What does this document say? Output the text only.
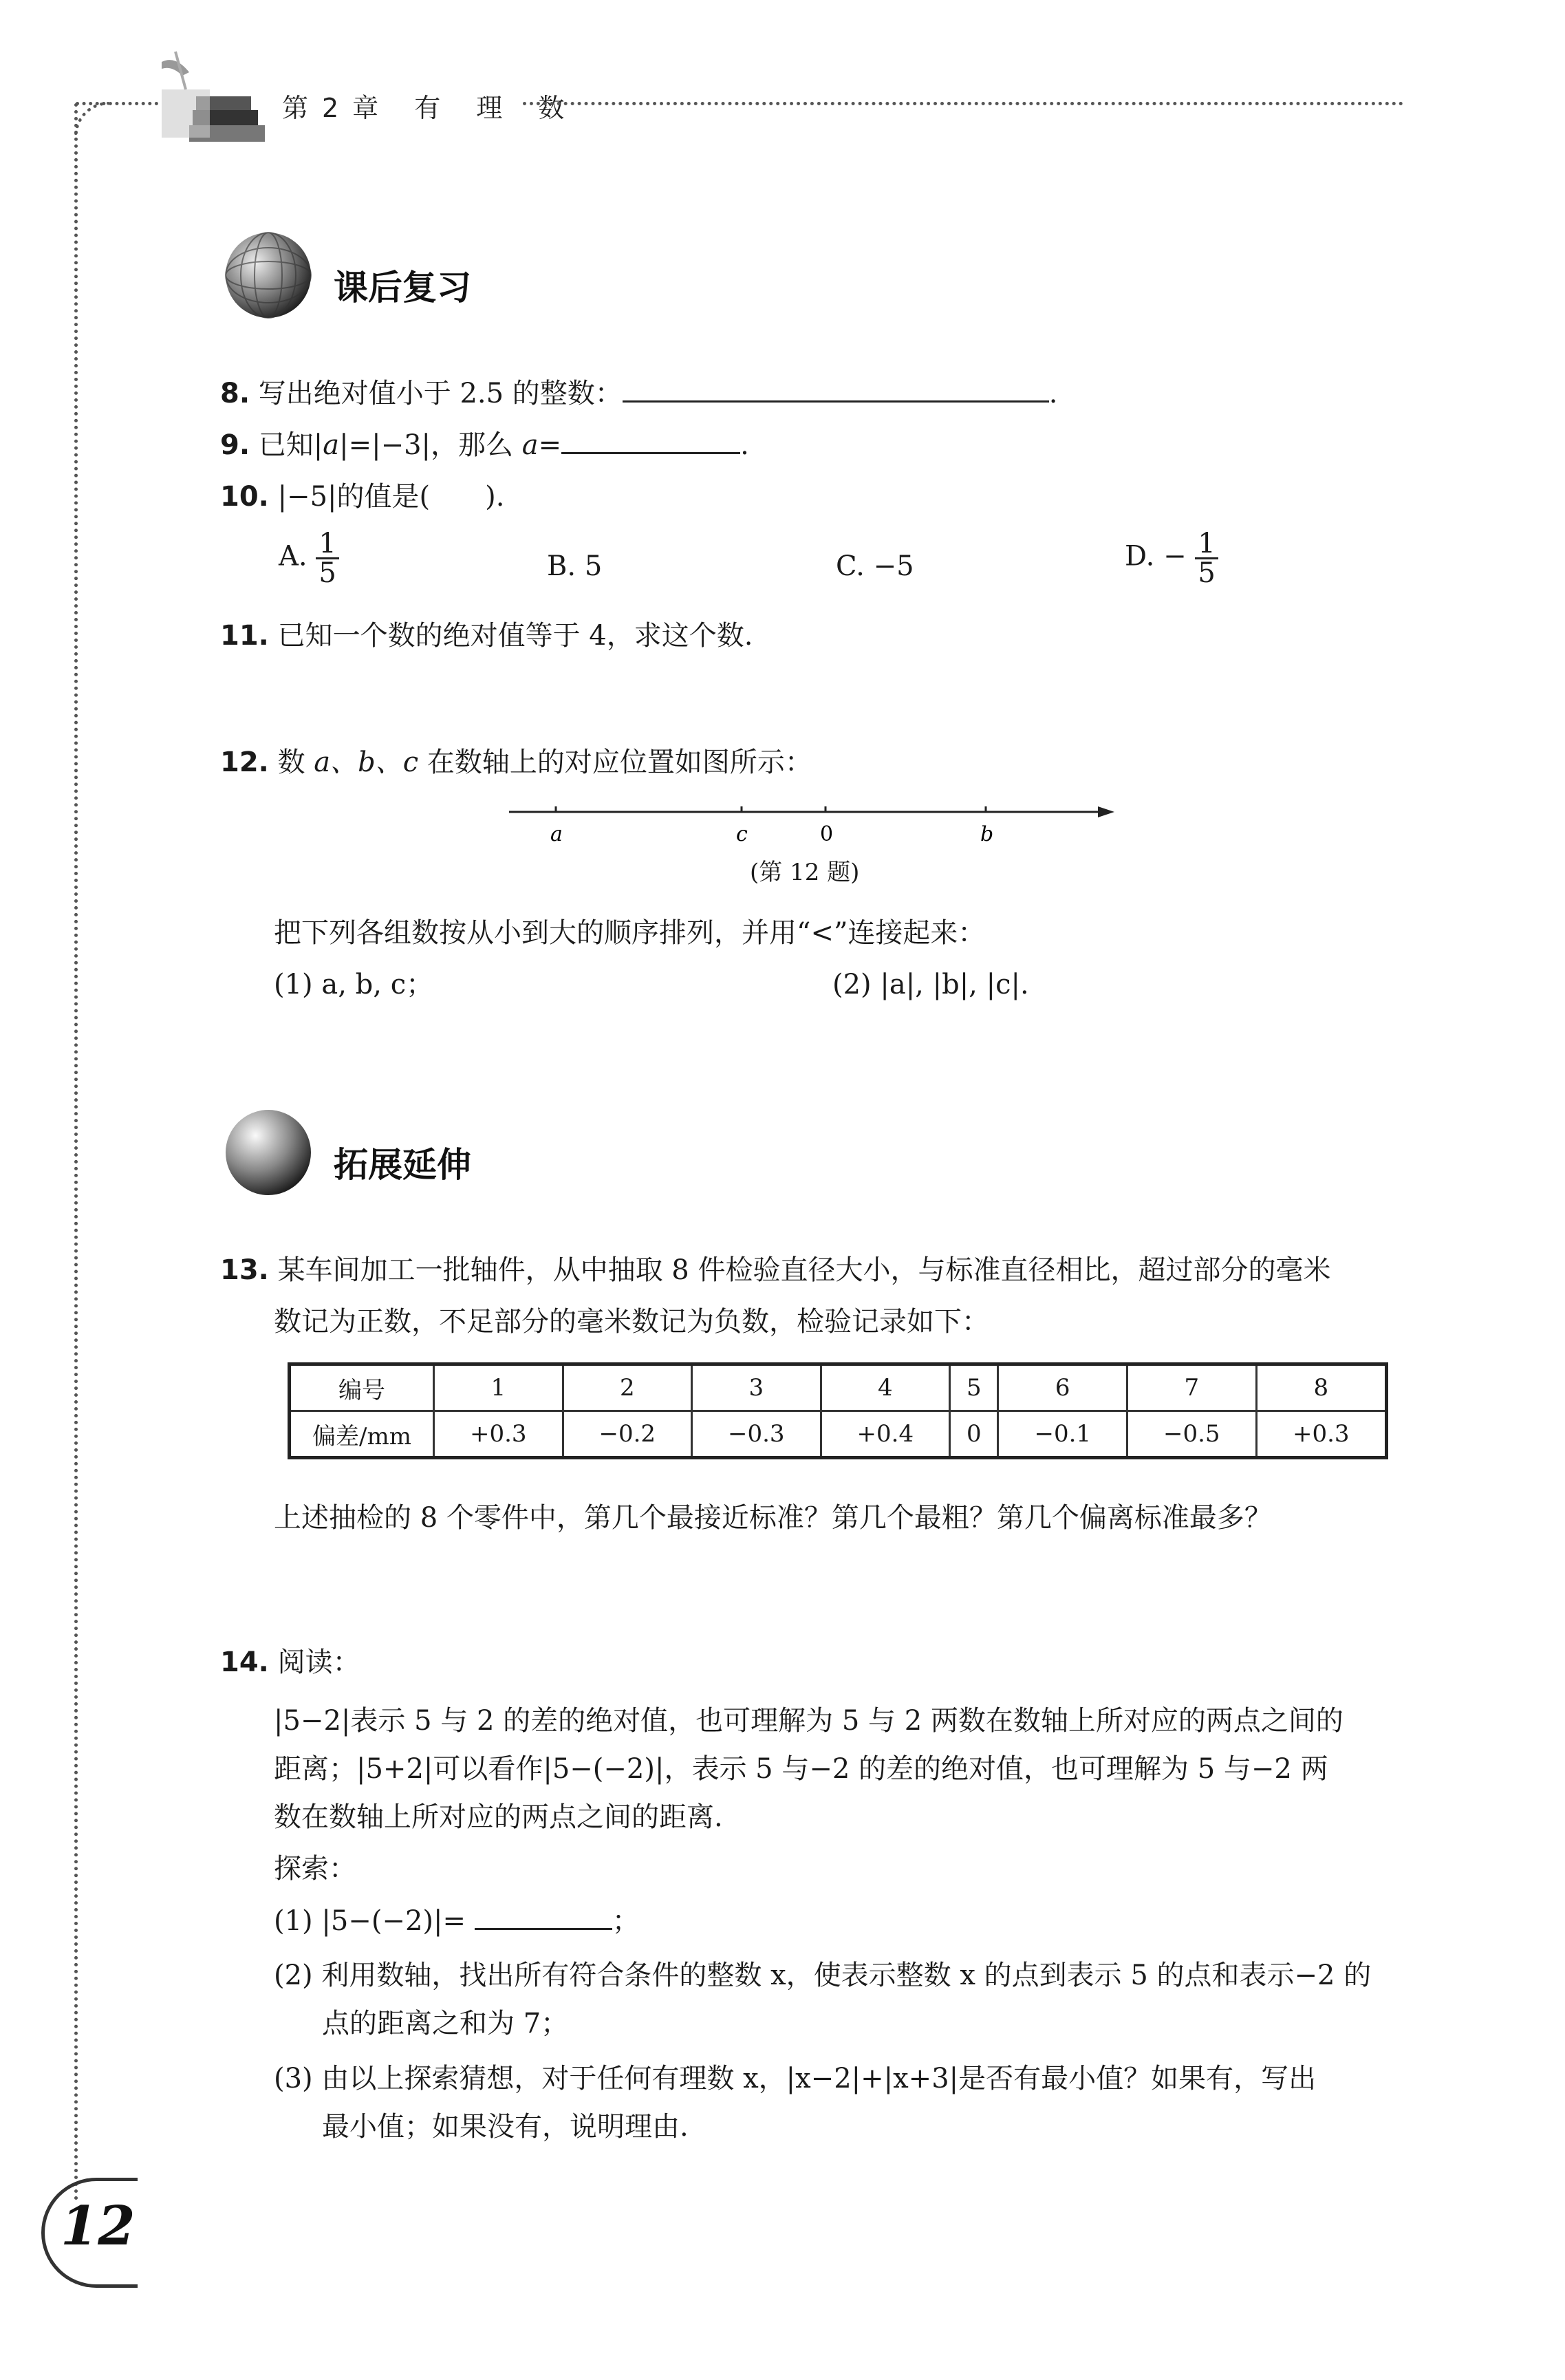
第2章 有 理 数
课后复习
8. 写出绝对值小于 2.5 的整数：	.
9. 已知|a|=|−3|，那么 a=	.
10. |−5|的值是(　　).
A. $\frac{1}{5}$	B. 5	C. −5	D. − $\frac{1}{5}$
11. 已知一个数的绝对值等于 4，求这个数.
12. 数 a、b、c 在数轴上的对应位置如图所示：
a	c	0	b
(第 12 题)
把下列各组数按从小到大的顺序排列，并用“<”连接起来：
(1) a, b, c；	(2) |a|, |b|, |c|.
拓展延伸
13. 某车间加工一批轴件，从中抽取 8 件检验直径大小，与标准直径相比，超过部分的毫米
数记为正数，不足部分的毫米数记为负数，检验记录如下：
编号	1	2	3	4	5	6	7	8
偏差/mm	+0.3	−0.2	−0.3	+0.4	0	−0.1	−0.5	+0.3
上述抽检的 8 个零件中，第几个最接近标准？第几个最粗？第几个偏离标准最多？
14. 阅读：
|5−2|表示 5 与 2 的差的绝对值，也可理解为 5 与 2 两数在数轴上所对应的两点之间的
距离；|5+2|可以看作|5−(−2)|，表示 5 与−2 的差的绝对值，也可理解为 5 与−2 两
数在数轴上所对应的两点之间的距离.
探索：
(1) |5−(−2)|=	；
(2) 利用数轴，找出所有符合条件的整数 x，使表示整数 x 的点到表示 5 的点和表示−2 的
点的距离之和为 7；
(3) 由以上探索猜想，对于任何有理数 x，|x−2|+|x+3|是否有最小值？如果有，写出
最小值；如果没有，说明理由.
12
